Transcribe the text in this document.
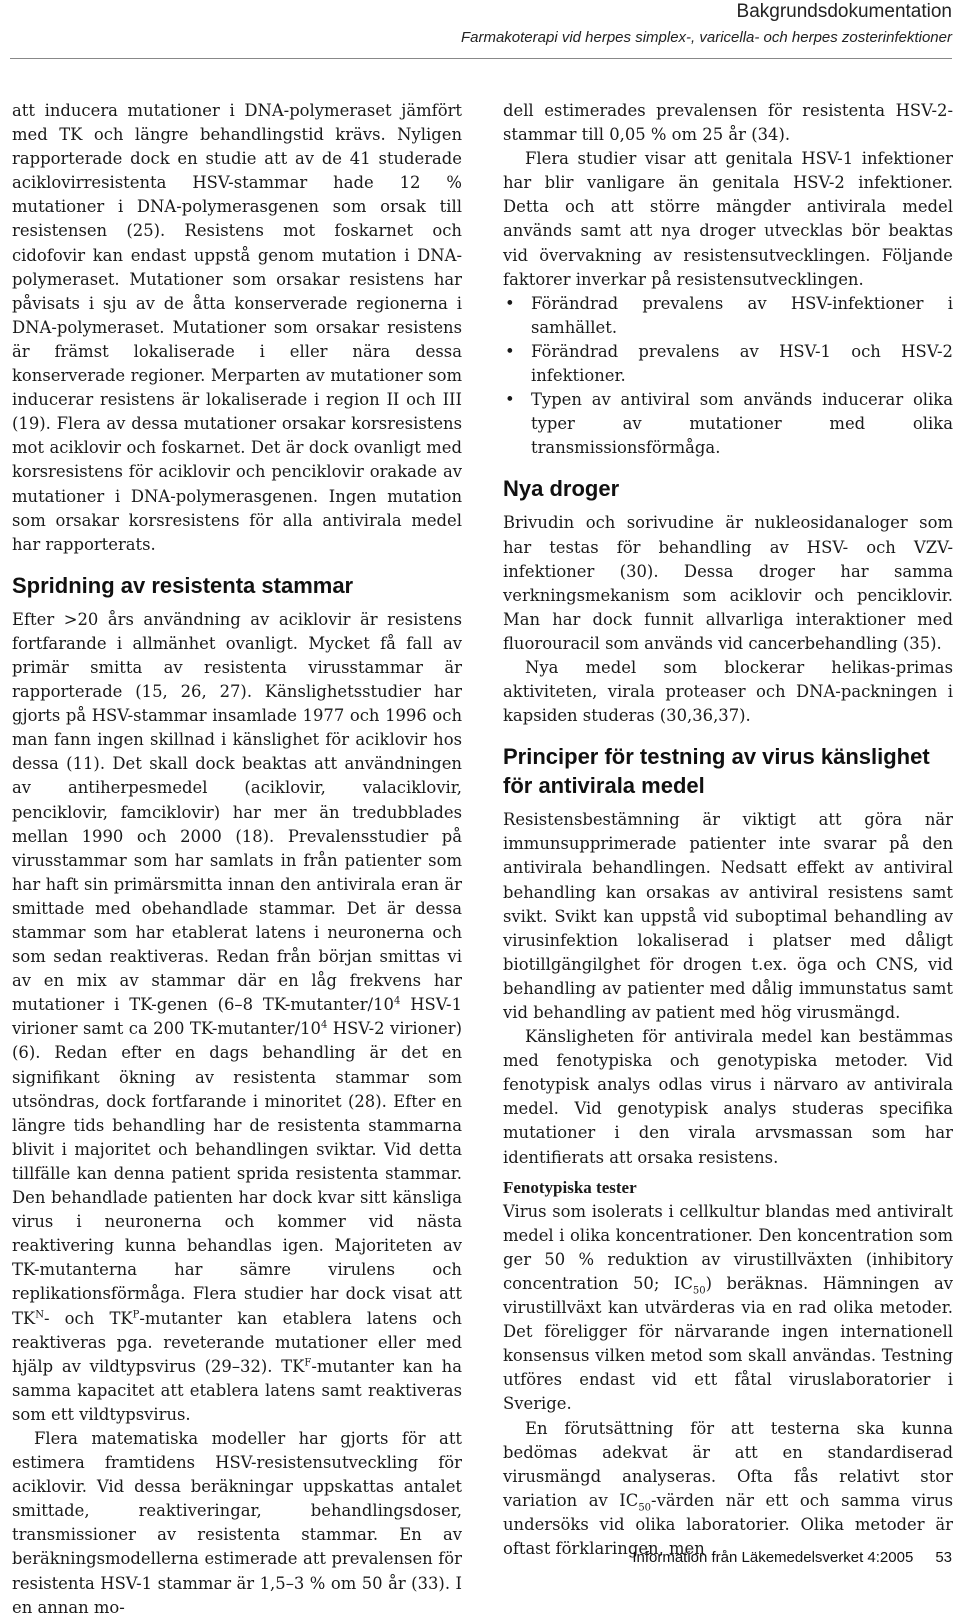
Bakgrundsdokumentation
Farmakoterapi vid herpes simplex-, varicella- och herpes zosterinfektioner

att inducera mutationer i DNA-polymeraset jämfört med TK och längre behandlingstid krävs. Nyligen rapporterade dock en studie att av de 41 studerade aciklovirresistenta HSV-stammar hade 12 % mutationer i DNA-polymerasgenen som orsak till resistensen (25). Resistens mot foskarnet och cidofovir kan endast uppstå genom mutation i DNA-polymeraset. Mutationer som orsakar resistens har påvisats i sju av de åtta konserverade regionerna i DNA-polymeraset. Mutationer som orsakar resistens är främst lokaliserade i eller nära dessa konserverade regioner. Merparten av mutationer som inducerar resistens är lokaliserade i region II och III (19). Flera av dessa mutationer orsakar korsresistens mot aciklovir och foskarnet. Det är dock ovanligt med korsresistens för aciklovir och penciklovir orakade av mutationer i DNA-polymerasgenen. Ingen mutation som orsakar korsresistens för alla antivirala medel har rapporterats.

Spridning av resistenta stammar

Efter >20 års användning av aciklovir är resistens fortfarande i allmänhet ovanligt. Mycket få fall av primär smitta av resistenta virusstammar är rapporterade (15, 26, 27). Känslighetsstudier har gjorts på HSV-stammar insamlade 1977 och 1996 och man fann ingen skillnad i känslighet för aciklovir hos dessa (11). Det skall dock beaktas att användningen av antiherpesmedel (aciklovir, valaciklovir, penciklovir, famciklovir) har mer än tredubblades mellan 1990 och 2000 (18). Prevalensstudier på virusstammar som har samlats in från patienter som har haft sin primärsmitta innan den antivirala eran är smittade med obehandlade stammar. Det är dessa stammar som har etablerat latens i neuronerna och som sedan reaktiveras. Redan från början smittas vi av en mix av stammar där en låg frekvens har mutationer i TK-genen (6–8 $TK-mutanter/10^4$ HSV-1 virioner samt ca 200 $TK-mutanter/10^4$ HSV-2 virioner) (6). Redan efter en dags behandling är det en signifikant ökning av resistenta stammar som utsöndras, dock fortfarande i minoritet (28). Efter en längre tids behandling har de resistenta stammarna blivit i majoritet och behandlingen sviktar. Vid detta tillfälle kan denna patient sprida resistenta stammar. Den behandlade patienten har dock kvar sitt känsliga virus i neuronerna och kommer vid nästa reaktivering kunna behandlas igen. Majoriteten av TK-mutanterna har sämre virulens och replikationsförmåga. Flera studier har dock visat att $TK^N-$ och $TK^P$-mutanter kan etablera latens och reaktiveras pga. reveterande mutationer eller med hjälp av vildtypsvirus (29–32). $TK^F$-mutanter kan ha samma kapacitet att etablera latens samt reaktiveras som ett vildtypsvirus.

Flera matematiska modeller har gjorts för att estimera framtidens HSV-resistensutveckling för aciklovir. Vid dessa beräkningar uppskattas antalet smittade, reaktiveringar, behandlingsdoser, transmissioner av resistenta stammar. En av beräkningsmodellerna estimerade att prevalensen för resistenta HSV-1 stammar är 1,5–3 % om 50 år (33). I en annan mo-

dell estimerades prevalensen för resistenta HSV-2-stammar till 0,05 % om 25 år (34).

Flera studier visar att genitala HSV-1 infektioner har blir vanligare än genitala HSV-2 infektioner. Detta och att större mängder antivirala medel används samt att nya droger utvecklas bör beaktas vid övervakning av resistensutvecklingen. Följande faktorer inverkar på resistensutvecklingen.

• Förändrad prevalens av HSV-infektioner i samhället.
• Förändrad prevalens av HSV-1 och HSV-2 infektioner.
• Typen av antiviral som används inducerar olika typer av mutationer med olika transmissionsförmåga.
Nya droger

Brivudin och sorivudine är nukleosidanaloger som har testas för behandling av HSV- och VZV-infektioner (30). Dessa droger har samma verkningsmekanism som aciklovir och penciklovir. Man har dock funnit allvarliga interaktioner med fluorouracil som används vid cancerbehandling (35).

Nya medel som blockerar helikas-primas aktiviteten, virala proteaser och DNA-packningen i kapsiden studeras (30,36,37).

Principer för testning av virus känslighet för antivirala medel

Resistensbestämning är viktigt att göra när immunsupprimerade patienter inte svarar på den antivirala behandlingen. Nedsatt effekt av antiviral behandling kan orsakas av antiviral resistens samt svikt. Svikt kan uppstå vid suboptimal behandling av virusinfektion lokaliserad i platser med dåligt biotillgängilghet för drogen t.ex. öga och CNS, vid behandling av patienter med dålig immunstatus samt vid behandling av patient med hög virusmängd.

Känsligheten för antivirala medel kan bestämmas med fenotypiska och genotypiska metoder. Vid fenotypisk analys odlas virus i närvaro av antivirala medel. Vid genotypisk analys studeras specifika mutationer i den virala arvsmassan som har identifierats att orsaka resistens.

Fenotypiska tester

Virus som isolerats i cellkultur blandas med antiviralt medel i olika koncentrationer. Den koncentration som ger 50 % reduktion av virustillväxten (inhibitory concentration 50; $IC_{50}$) beräknas. Hämningen av virustillväxt kan utvärderas via en rad olika metoder. Det föreligger för närvarande ingen internationell konsensus vilken metod som skall användas. Testning utföres endast vid ett fåtal viruslaboratorier i Sverige.

En förutsättning för att testerna ska kunna bedömas adekvat är att en standardiserad virusmängd analyseras. Ofta fås relativt stor variation av $IC_{50}$-värden när ett och samma virus undersöks vid olika laboratorier. Olika metoder är oftast förklaringen, men

Information från Läkemedelsverket 4:2005 53
